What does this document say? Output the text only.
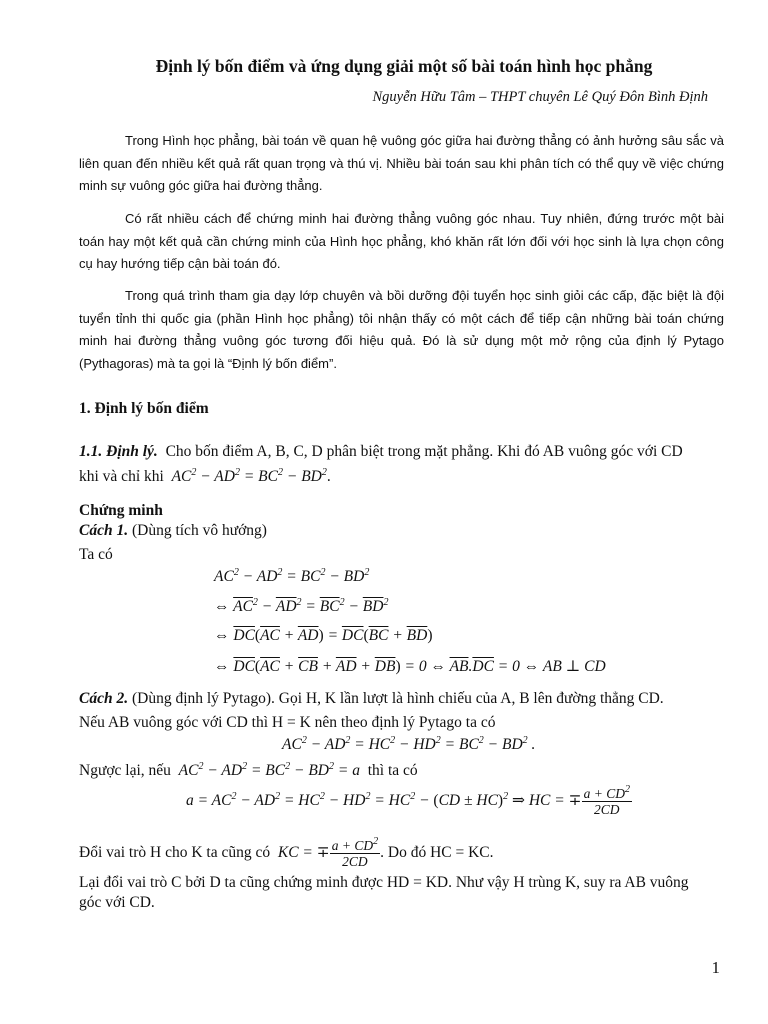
Định lý bốn điểm và ứng dụng giải một số bài toán hình học phẳng
Nguyễn Hữu Tâm – THPT chuyên Lê Quý Đôn Bình Định

Trong Hình học phẳng, bài toán về quan hệ vuông góc giữa hai đường thẳng có ảnh hưởng sâu sắc và liên quan đến nhiều kết quả rất quan trọng và thú vị. Nhiều bài toán sau khi phân tích có thể quy về việc chứng minh sự vuông góc giữa hai đường thẳng.

Có rất nhiều cách để chứng minh hai đường thẳng vuông góc nhau. Tuy nhiên, đứng trước một bài toán hay một kết quả cần chứng minh của Hình học phẳng, khó khăn rất lớn đối với học sinh là lựa chọn công cụ hay hướng tiếp cận bài toán đó.

Trong quá trình tham gia dạy lớp chuyên và bồi dưỡng đội tuyển học sinh giỏi các cấp, đặc biệt là đội tuyển tỉnh thi quốc gia (phần Hình học phẳng) tôi nhận thấy có một cách để tiếp cận những bài toán chứng minh hai đường thẳng vuông góc tương đối hiệu quả. Đó là sử dụng một mở rộng của định lý Pytago (Pythagoras) mà ta gọi là “Định lý bốn điểm”.

1. Định lý bốn điểm
1.1. Định lý. Cho bốn điểm A, B, C, D phân biệt trong mặt phẳng. Khi đó AB vuông góc với CD
khi và chỉ khi $AC^2 - AD^2 = BC^2 - BD^2$.
Chứng minh
Cách 1. (Dùng tích vô hướng)
Ta có
$AC^2 - AD^2 = BC^2 - BD^2$
⇔ $\overline{AC}^2 - \overline{AD}^2 = \overline{BC}^2 - \overline{BD}^2$
⇔ $\overline{DC}(\overline{AC} + \overline{AD}) = \overline{DC}(\overline{BC} + \overline{BD})$
⇔ $\overline{DC}(\overline{AC} + \overline{CB} + \overline{AD} + \overline{DB}) = 0$ ⇔ $\overline{AB}.\overline{DC} = 0$ ⇔ AB ⊥ CD
Cách 2. (Dùng định lý Pytago). Gọi H, K lần lượt là hình chiếu của A, B lên đường thẳng CD.
Nếu AB vuông góc với CD thì H = K nên theo định lý Pytago ta có
$AC^2 - AD^2 = HC^2 - HD^2 = BC^2 - BD^2$ .
Ngược lại, nếu $AC^2 - AD^2 = BC^2 - BD^2 = a$ thì ta có
$a = AC^2 - AD^2 = HC^2 - HD^2 = HC^2 - (CD \pm HC)^2$ ⇒ HC = ∓ $\frac{a + CD^2}{2CD}$
Đổi vai trò H cho K ta cũng có KC = ∓ $\frac{a + CD^2}{2CD}$ . Do đó HC = KC.
Lại đổi vai trò C bởi D ta cũng chứng minh được HD = KD. Như vậy H trùng K, suy ra AB vuông
góc với CD.
1
